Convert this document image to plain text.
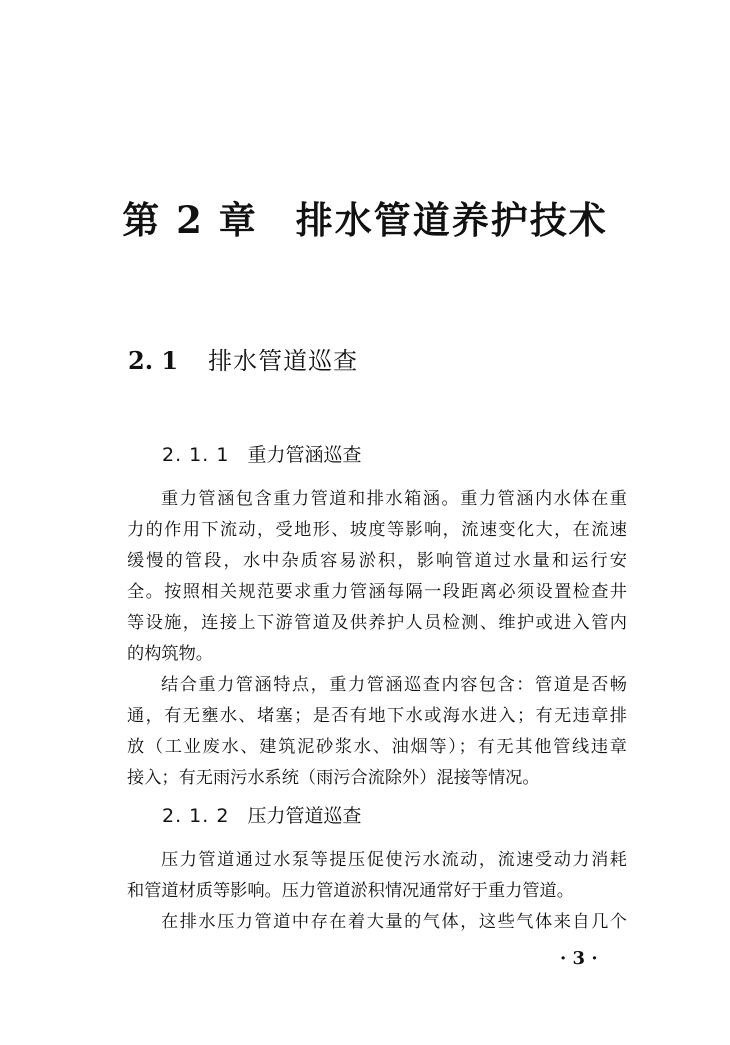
第 2 章 排水管道养护技术
2. 1 排水管道巡查
2. 1. 1 重力管涵巡查
重力管涵包含重力管道和排水箱涵。重力管涵内水体在重
力的作用下流动，受地形、坡度等影响，流速变化大，在流速
缓慢的管段，水中杂质容易淤积，影响管道过水量和运行安
全。按照相关规范要求重力管涵每隔一段距离必须设置检查井
等设施，连接上下游管道及供养护人员检测、维护或进入管内
的构筑物。
结合重力管涵特点，重力管涵巡查内容包含：管道是否畅
通，有无壅水、堵塞；是否有地下水或海水进入；有无违章排
放（工业废水、建筑泥砂浆水、油烟等）；有无其他管线违章
接入；有无雨污水系统（雨污合流除外）混接等情况。
2. 1. 2 压力管道巡查
压力管道通过水泵等提压促使污水流动，流速受动力消耗
和管道材质等影响。压力管道淤积情况通常好于重力管道。
在排水压力管道中存在着大量的气体，这些气体来自几个
· 3 ·
